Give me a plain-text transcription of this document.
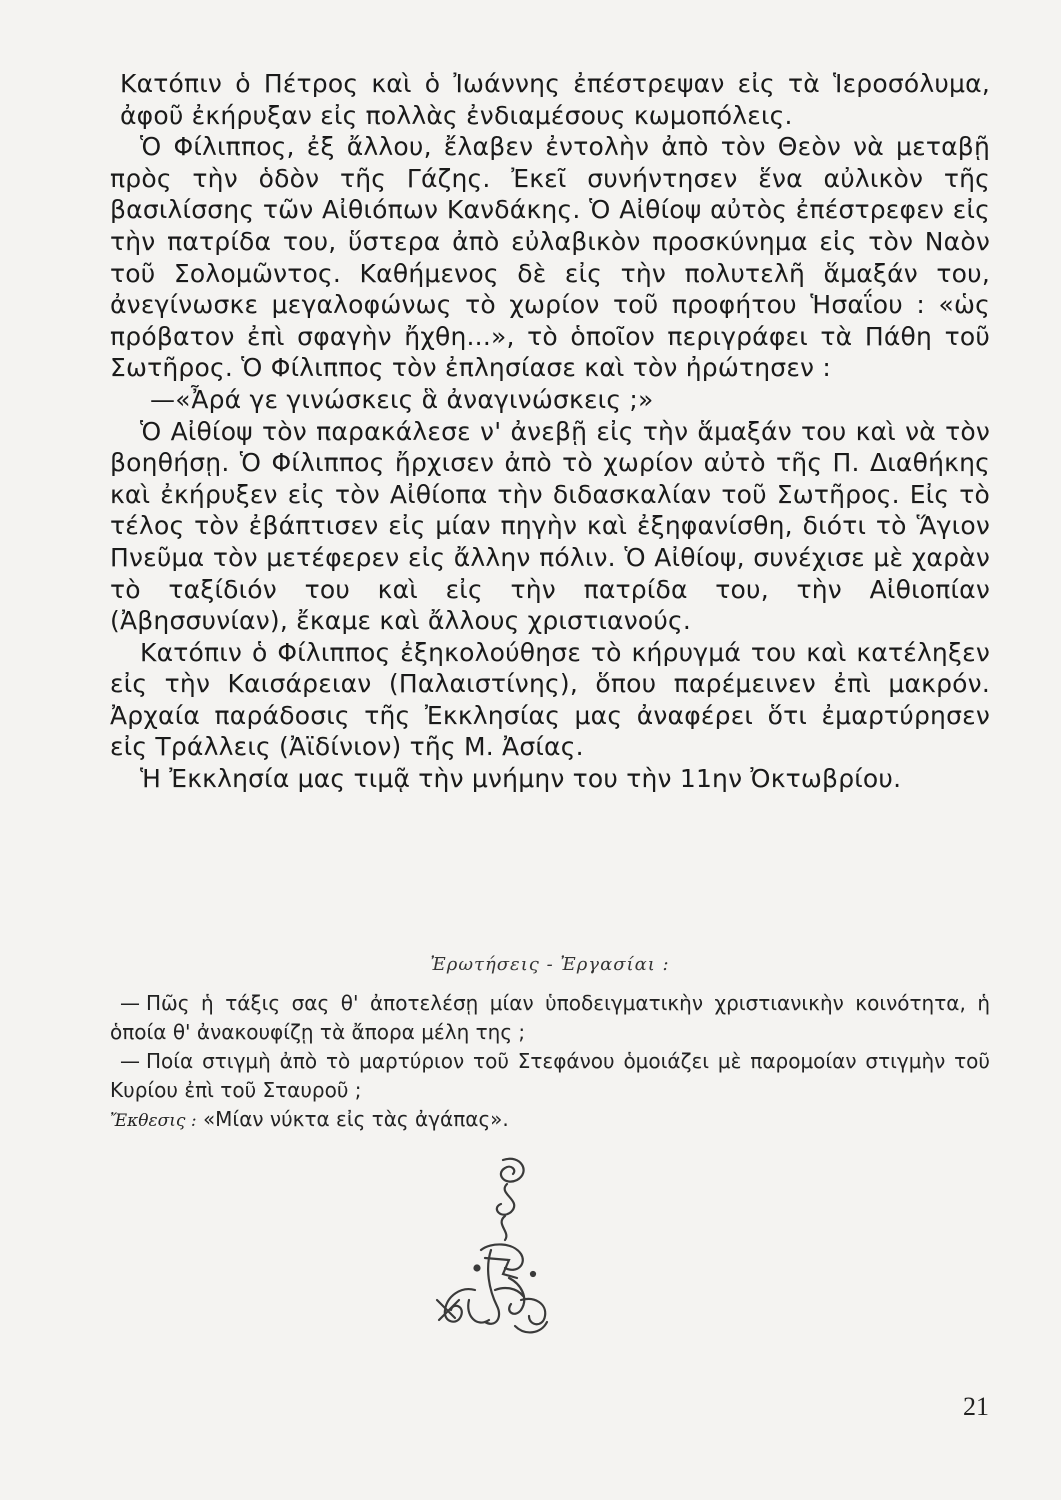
Κατόπιν ὁ Πέτρος καὶ ὁ Ἰωάννης ἐπέστρεψαν εἰς τὰ Ἱεροσόλυμα, ἀφοῦ ἐκήρυξαν εἰς πολλὰς ἐνδιαμέσους κωμοπόλεις.

Ὁ Φίλιππος, ἐξ ἄλλου, ἔλαβεν ἐντολὴν ἀπὸ τὸν Θεὸν νὰ μεταβῇ πρὸς τὴν ὁδὸν τῆς Γάζης. Ἐκεῖ συνήντησεν ἕνα αὐλικὸν τῆς βασιλίσσης τῶν Αἰθιόπων Κανδάκης. Ὁ Αἰθίοψ αὐτὸς ἐπέστρεφεν εἰς τὴν πατρίδα του, ὕστερα ἀπὸ εὐλαβικὸν προσκύνημα εἰς τὸν Ναὸν τοῦ Σολομῶντος. Καθήμενος δὲ εἰς τὴν πολυτελῆ ἅμαξάν του, ἀνεγίνωσκε μεγαλοφώνως τὸ χωρίον τοῦ προφήτου Ἡσαΐου : «ὡς πρόβατον ἐπὶ σφαγὴν ἤχθη...», τὸ ὁποῖον περιγράφει τὰ Πάθη τοῦ Σωτῆρος. Ὁ Φίλιππος τὸν ἐπλησίασε καὶ τὸν ἠρώτησεν :

—«Ἆρά γε γινώσκεις ἃ ἀναγινώσκεις ;»

Ὁ Αἰθίοψ τὸν παρακάλεσε ν' ἀνεβῇ εἰς τὴν ἅμαξάν του καὶ νὰ τὸν βοηθήσῃ. Ὁ Φίλιππος ἤρχισεν ἀπὸ τὸ χωρίον αὐτὸ τῆς Π. Διαθήκης καὶ ἐκήρυξεν εἰς τὸν Αἰθίοπα τὴν διδασκαλίαν τοῦ Σωτῆρος. Εἰς τὸ τέλος τὸν ἐβάπτισεν εἰς μίαν πηγὴν καὶ ἐξηφανίσθη, διότι τὸ Ἅγιον Πνεῦμα τὸν μετέφερεν εἰς ἄλλην πόλιν. Ὁ Αἰθίοψ, συνέχισε μὲ χαρὰν τὸ ταξίδιόν του καὶ εἰς τὴν πατρίδα του, τὴν Αἰθιοπίαν (Ἀβησσυνίαν), ἔκαμε καὶ ἄλλους χριστιανούς.

Κατόπιν ὁ Φίλιππος ἐξηκολούθησε τὸ κήρυγμά του καὶ κατέληξεν εἰς τὴν Καισάρειαν (Παλαιστίνης), ὅπου παρέμεινεν ἐπὶ μακρόν. Ἀρχαία παράδοσις τῆς Ἐκκλησίας μας ἀναφέρει ὅτι ἐμαρτύρησεν εἰς Τράλλεις (Ἀϊδίνιον) τῆς Μ. Ἀσίας.

Ἡ Ἐκκλησία μας τιμᾷ τὴν μνήμην του τὴν 11ην Ὀκτωβρίου.

Ἐρωτήσεις - Ἐργασίαι :

— Πῶς ἡ τάξις σας θ' ἀποτελέσῃ μίαν ὑποδειγματικὴν χριστιανικὴν κοινότητα, ἡ ὁποία θ' ἀνακουφίζῃ τὰ ἄπορα μέλη της ;

— Ποία στιγμὴ ἀπὸ τὸ μαρτύριον τοῦ Στεφάνου ὁμοιάζει μὲ παρομοίαν στιγμὴν τοῦ Κυρίου ἐπὶ τοῦ Σταυροῦ ;

Ἔκθεσις : «Μίαν νύκτα εἰς τὰς ἀγάπας».

21
